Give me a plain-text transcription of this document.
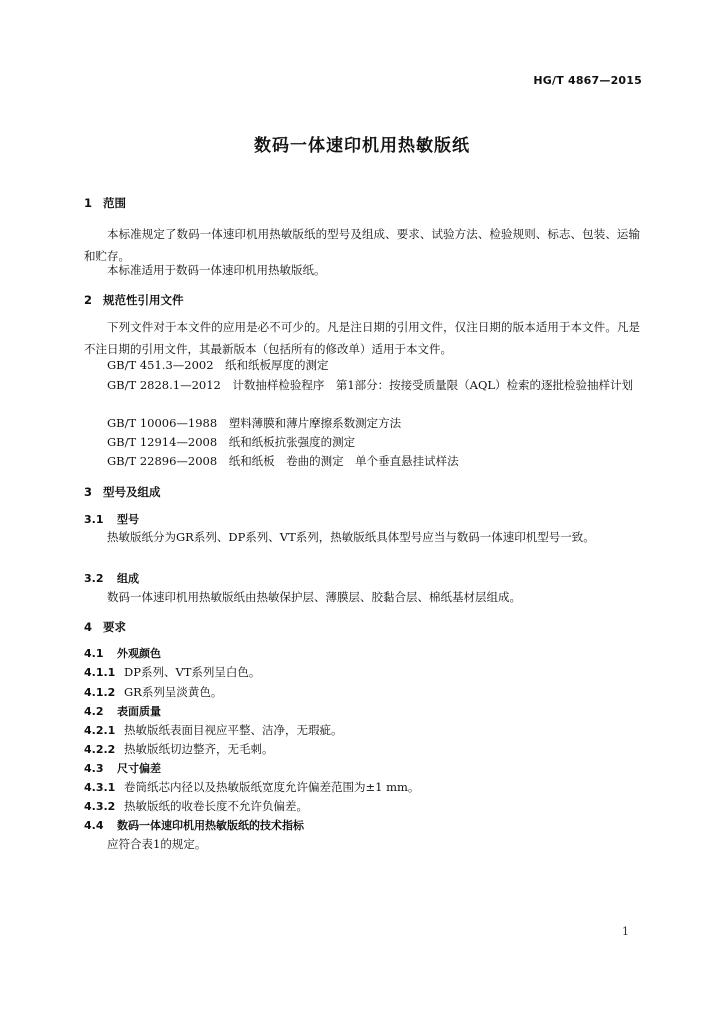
HG/T 4867—2015
数码一体速印机用热敏版纸
1 范围
本标准规定了数码一体速印机用热敏版纸的型号及组成、要求、试验方法、检验规则、标志、包装、运输和贮存。
本标准适用于数码一体速印机用热敏版纸。
2 规范性引用文件
下列文件对于本文件的应用是必不可少的。凡是注日期的引用文件，仅注日期的版本适用于本文件。凡是不注日期的引用文件，其最新版本（包括所有的修改单）适用于本文件。
GB/T 451.3—2002　纸和纸板厚度的测定
GB/T 2828.1—2012　计数抽样检验程序　第1部分：按接受质量限（AQL）检索的逐批检验抽样计划
GB/T 10006—1988　塑料薄膜和薄片摩擦系数测定方法
GB/T 12914—2008　纸和纸板抗张强度的测定
GB/T 22896—2008　纸和纸板　卷曲的测定　单个垂直悬挂试样法
3 型号及组成
3.1 型号
热敏版纸分为GR系列、DP系列、VT系列，热敏版纸具体型号应当与数码一体速印机型号一致。
3.2 组成
数码一体速印机用热敏版纸由热敏保护层、薄膜层、胶黏合层、棉纸基材层组成。
4 要求
4.1 外观颜色
4.1.1 DP系列、VT系列呈白色。
4.1.2 GR系列呈淡黄色。
4.2 表面质量
4.2.1 热敏版纸表面目视应平整、洁净，无瑕疵。
4.2.2 热敏版纸切边整齐，无毛刺。
4.3 尺寸偏差
4.3.1 卷筒纸芯内径以及热敏版纸宽度允许偏差范围为±1 mm。
4.3.2 热敏版纸的收卷长度不允许负偏差。
4.4 数码一体速印机用热敏版纸的技术指标
应符合表1的规定。
1
